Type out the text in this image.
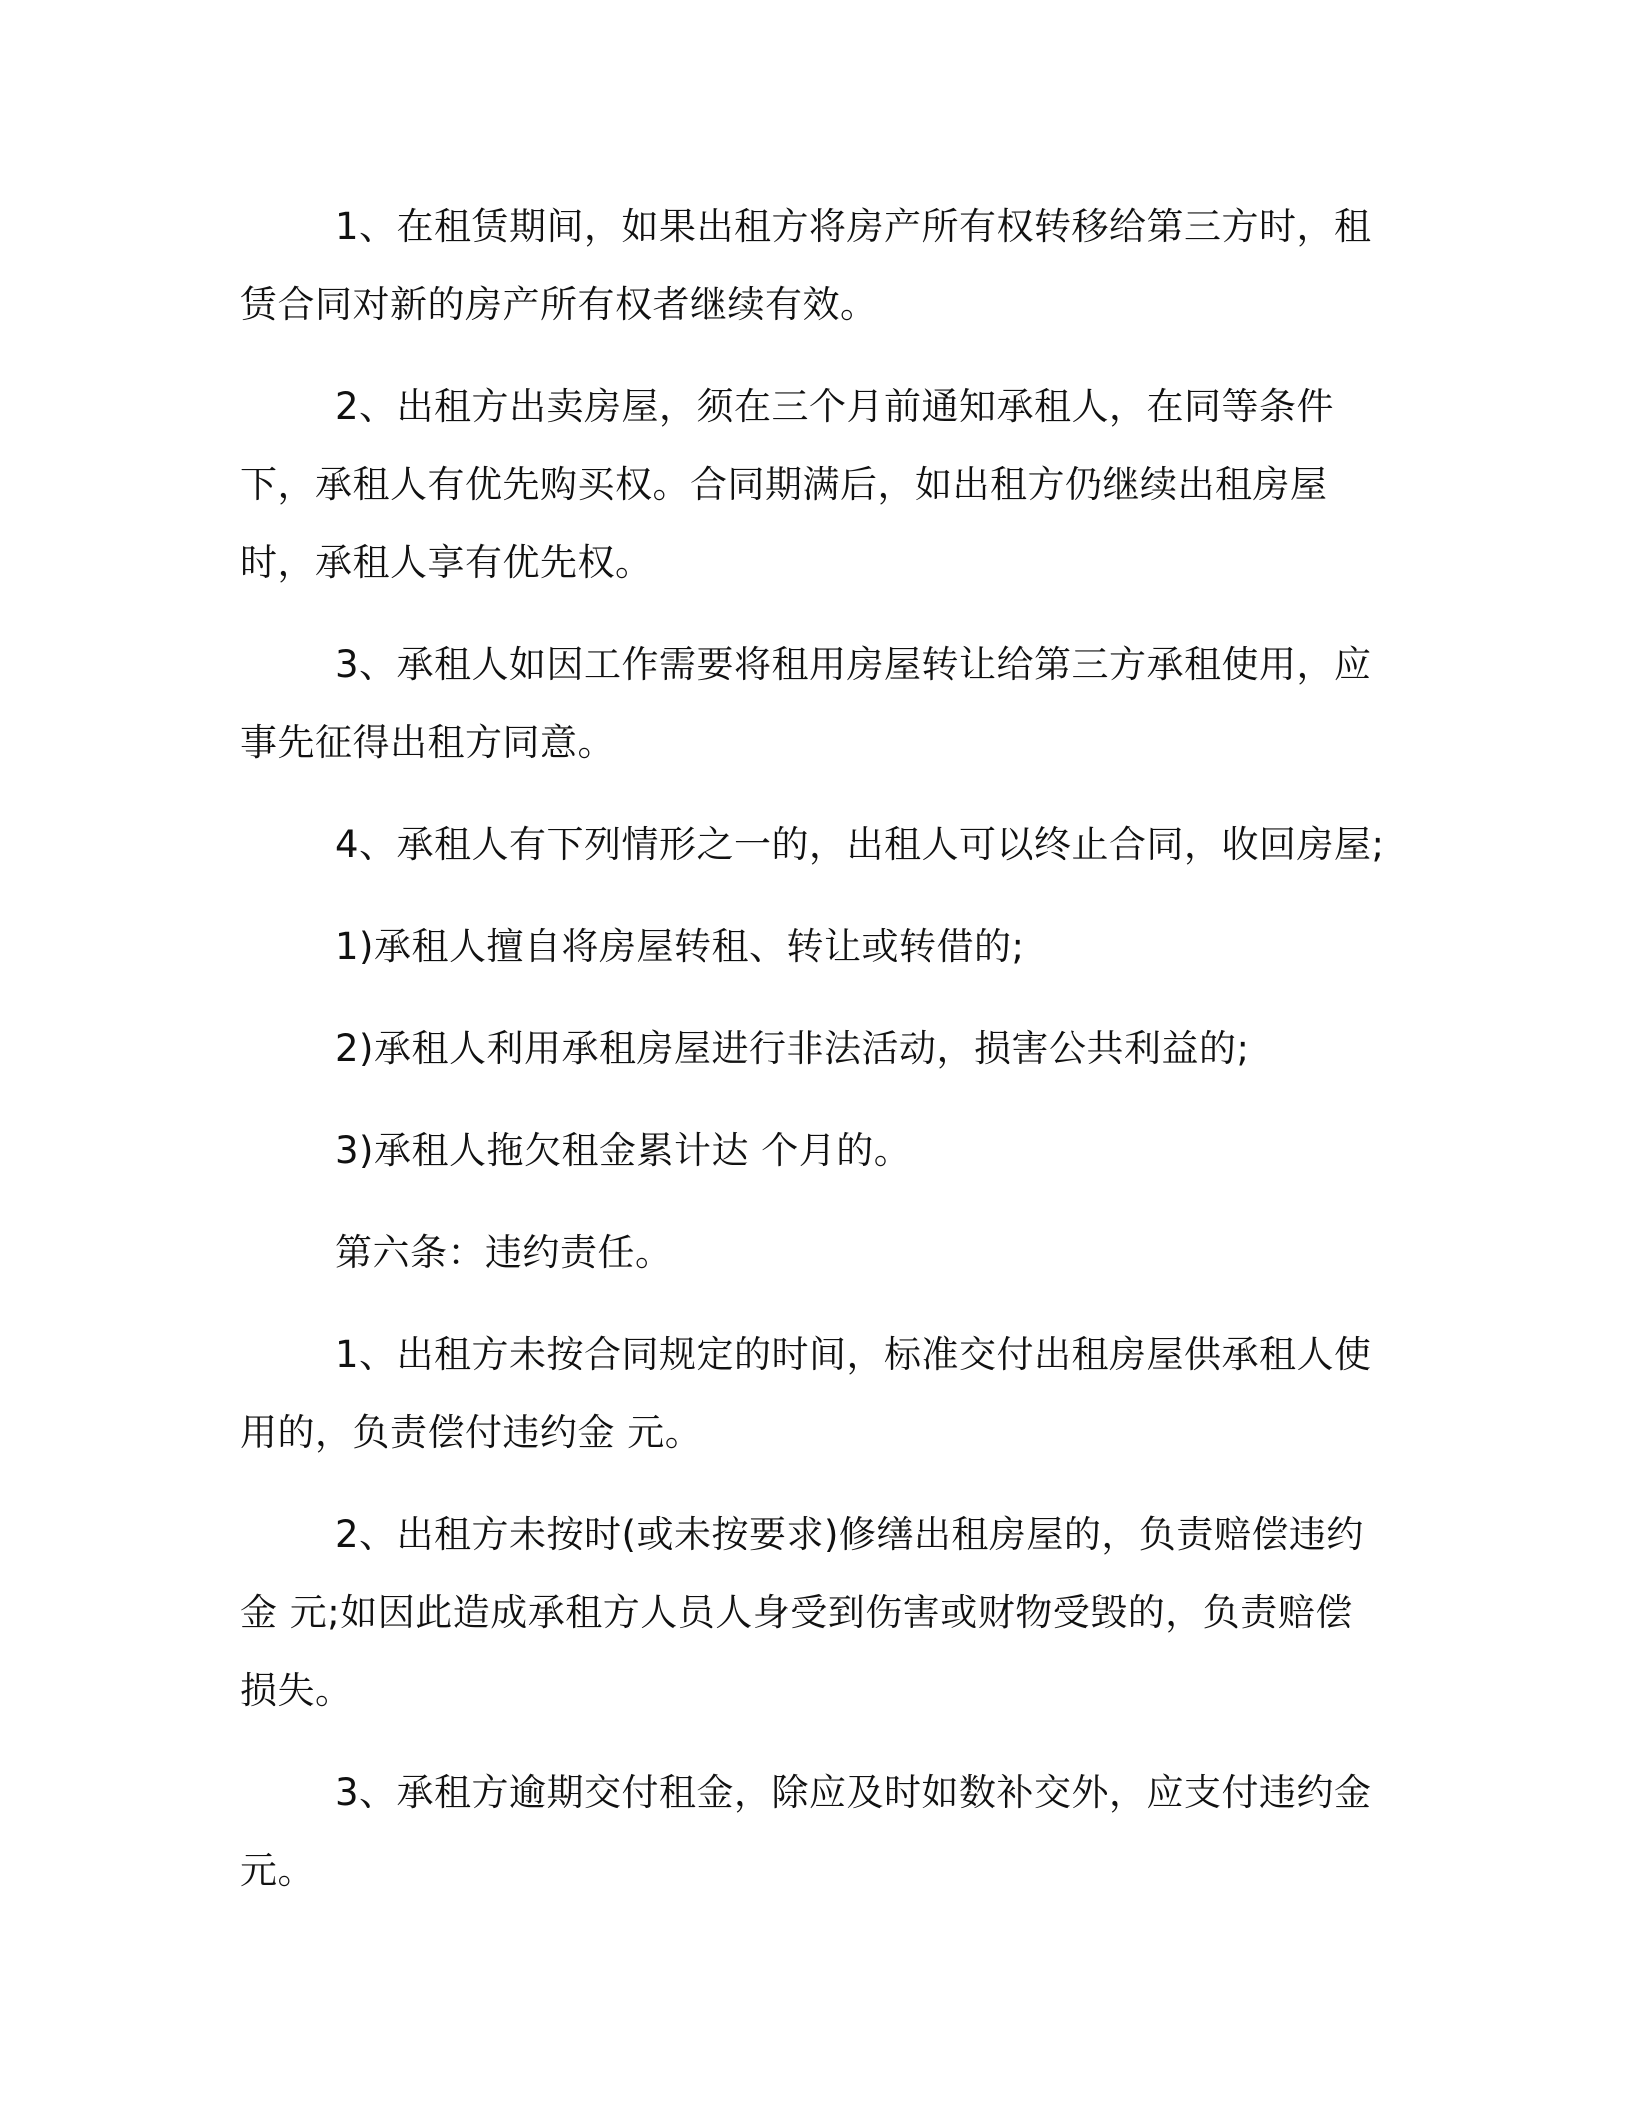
1、在租赁期间，如果出租方将房产所有权转移给第三方时，租赁合同对新的房产所有权者继续有效。

2、出租方出卖房屋，须在三个月前通知承租人，在同等条件下，承租人有优先购买权。合同期满后，如出租方仍继续出租房屋时，承租人享有优先权。

3、承租人如因工作需要将租用房屋转让给第三方承租使用，应事先征得出租方同意。

4、承租人有下列情形之一的，出租人可以终止合同，收回房屋;

1)承租人擅自将房屋转租、转让或转借的;

2)承租人利用承租房屋进行非法活动，损害公共利益的;

3)承租人拖欠租金累计达 个月的。

第六条：违约责任。

1、出租方未按合同规定的时间，标准交付出租房屋供承租人使用的，负责偿付违约金 元。

2、出租方未按时(或未按要求)修缮出租房屋的，负责赔偿违约金 元;如因此造成承租方人员人身受到伤害或财物受毁的，负责赔偿损失。

3、承租方逾期交付租金，除应及时如数补交外，应支付违约金 元。
